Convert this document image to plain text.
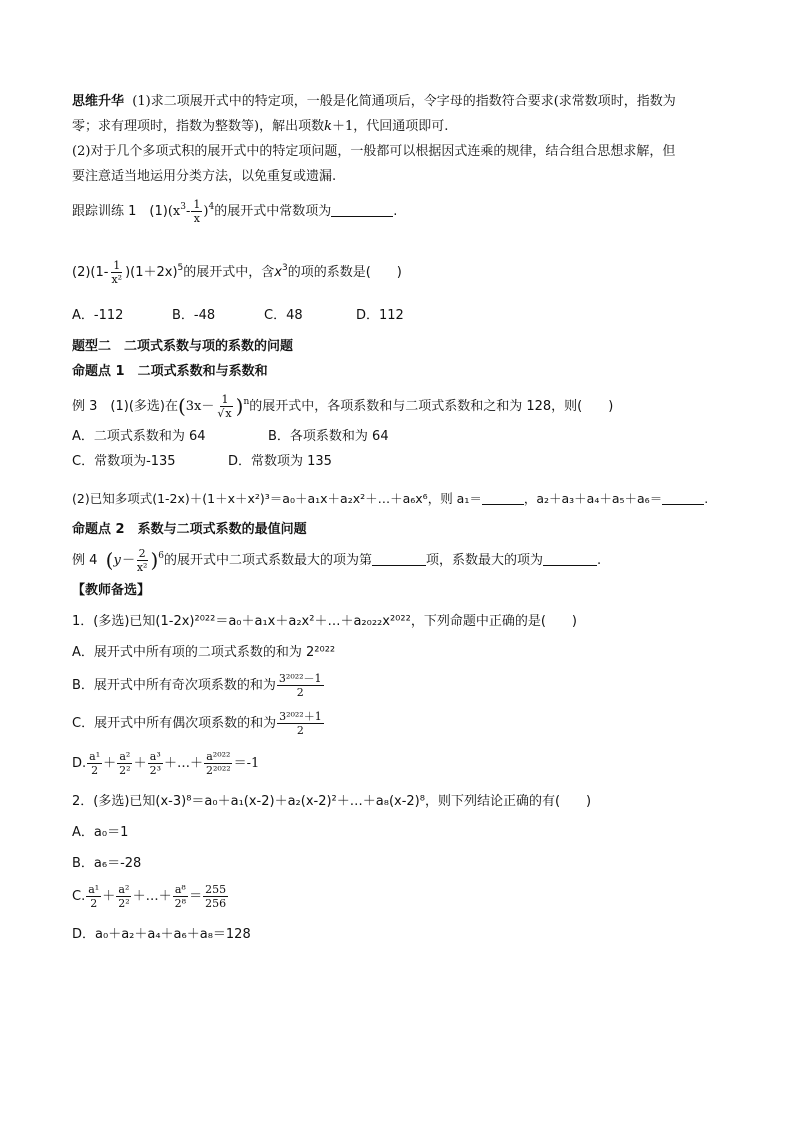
思维升华 (1)求二项展开式中的特定项，一般是化简通项后，令字母的指数符合要求(求常数项时，指数为
零；求有理项时，指数为整数等)，解出项数k＋1，代回通项即可.
(2)对于几个多项式积的展开式中的特定项问题，一般都可以根据因式连乘的规律，结合组合思想求解，但
要注意适当地运用分类方法，以免重复或遗漏.
跟踪训练 1　$(1)(x^3- \frac{1}{x} )^4$的展开式中常数项为	.
$(2)(1- \frac{1}{\text{x²}} )(1+2x)^5$的展开式中，含$x^3$的项的系数是(　　)
A．-112	B．-48	C．48	D．112
题型二　二项式系数与项的系数的问题
命题点 1　二项式系数和与系数和
例 3　(1)(多选)在$(3x- \frac{1}{√x} )^n$的展开式中，各项系数和与二项式系数和之和为 128，则(　　)
A．二项式系数和为 64	B．各项系数和为 64
C．常数项为-135	D．常数项为 135
(2)已知多项式(1-2x)＋(1＋x＋x²)³＝a₀＋a₁x＋a₂x²＋…＋a₆x⁶，则 a₁＝	，a₂＋a₃＋a₄＋a₅＋a₆＝	.
命题点 2　系数与二项式系数的最值问题
例 4 $(y- \frac{2}{\text{x²}} )^6$的展开式中二项式系数最大的项为第	项，系数最大的项为	.
【教师备选】
1．(多选)已知(1-2x)²⁰²²＝a₀＋a₁x＋a₂x²＋…＋a₂₀₂₂x²⁰²²，下列命题中正确的是(　　)
A．展开式中所有项的二项式系数的和为 2²⁰²²
B．展开式中所有奇次项系数的和为 $\frac{\text{3²⁰²²－1}}{2}$
C．展开式中所有偶次项系数的和为 $\frac{\text{3²⁰²²＋1}}{2}$
D. $\frac{\text{a¹}}{2} + \frac{\text{a²}}{\text{2²}} + \frac{\text{a³}}{\text{2³}}$ ＋…＋ $\frac{\text{a²⁰²²}}{\text{2²⁰²²}} =-1$
2．(多选)已知(x-3)⁸＝a₀＋a₁(x-2)＋a₂(x-2)²＋…＋a₈(x-2)⁸，则下列结论正确的有(　　)
A．a₀＝1
B．a₆＝-28
C. $\frac{\text{a¹}}{2} + \frac{\text{a²}}{\text{2²}}$ ＋…＋ $\frac{\text{a⁸}}{\text{2⁸}} = \frac{255}{256}$
D．a₀＋a₂＋a₄＋a₆＋a₈＝128
